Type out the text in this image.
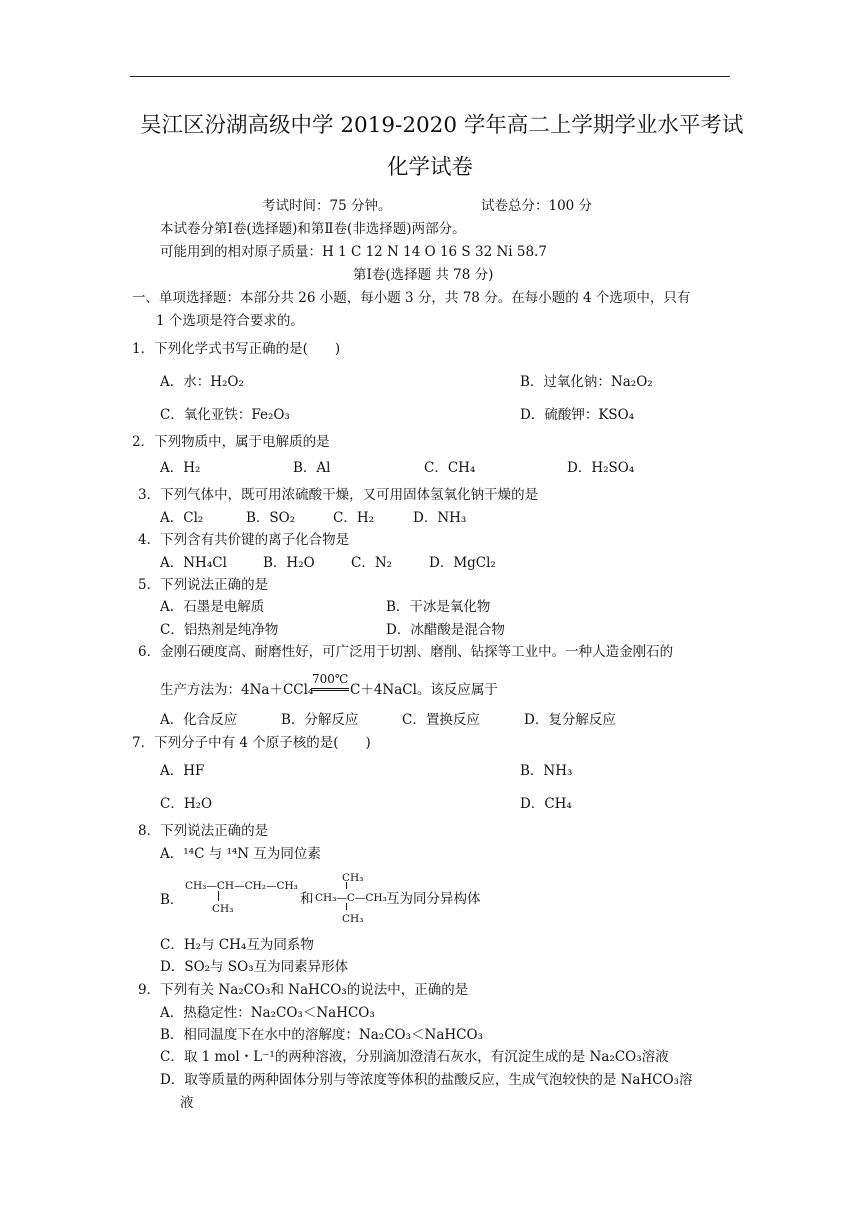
吴江区汾湖高级中学 2019-2020 学年高二上学期学业水平考试
化学试卷
考试时间：75 分钟。	试卷总分：100 分
本试卷分第Ⅰ卷(选择题)和第Ⅱ卷(非选择题)两部分。
可能用到的相对原子质量：H 1 C 12 N 14 O 16 S 32 Ni 58.7
第Ⅰ卷(选择题 共 78 分)
一、单项选择题：本部分共 26 小题，每小题 3 分，共 78 分。在每小题的 4 个选项中，只有
1 个选项是符合要求的。
1．下列化学式书写正确的是(　　)
A．水：H₂O₂	B．过氧化钠：Na₂O₂
C．氧化亚铁：Fe₂O₃	D．硫酸钾：KSO₄
2．下列物质中，属于电解质的是
A．H₂	B．Al	C．CH₄	D．H₂SO₄
3．下列气体中，既可用浓硫酸干燥，又可用固体氢氧化钠干燥的是
A．Cl₂	B．SO₂	C．H₂	D．NH₃
4．下列含有共价键的离子化合物是
A．NH₄Cl	B．H₂O	C．N₂	D．MgCl₂
5．下列说法正确的是
A．石墨是电解质	B．干冰是氧化物
C．铝热剂是纯净物	D．冰醋酸是混合物
6．金刚石硬度高、耐磨性好，可广泛用于切割、磨削、钻探等工业中。一种人造金刚石的
生产方法为：4Na＋CCl₄
700℃
C＋4NaCl。该反应属于
A．化合反应	B．分解反应	C．置换反应	D．复分解反应
7．下列分子中有 4 个原子核的是(　　)
A．HF	B．NH₃
C．H₂O	D．CH₄
8．下列说法正确的是
A．¹⁴C 与 ¹⁴N 互为同位素
B．
CH₃—CH—CH₂—CH₃
CH₃
和
CH₃
CH₃—C—CH₃
CH₃
互为同分异构体
C．H₂与 CH₄互为同系物
D．SO₂与 SO₃互为同素异形体
9．下列有关 Na₂CO₃和 NaHCO₃的说法中，正确的是
A．热稳定性：Na₂CO₃＜NaHCO₃
B．相同温度下在水中的溶解度：Na₂CO₃＜NaHCO₃
C．取 1 mol・L⁻¹的两种溶液，分别滴加澄清石灰水，有沉淀生成的是 Na₂CO₃溶液
D．取等质量的两种固体分别与等浓度等体积的盐酸反应，生成气泡较快的是 NaHCO₃溶
液
